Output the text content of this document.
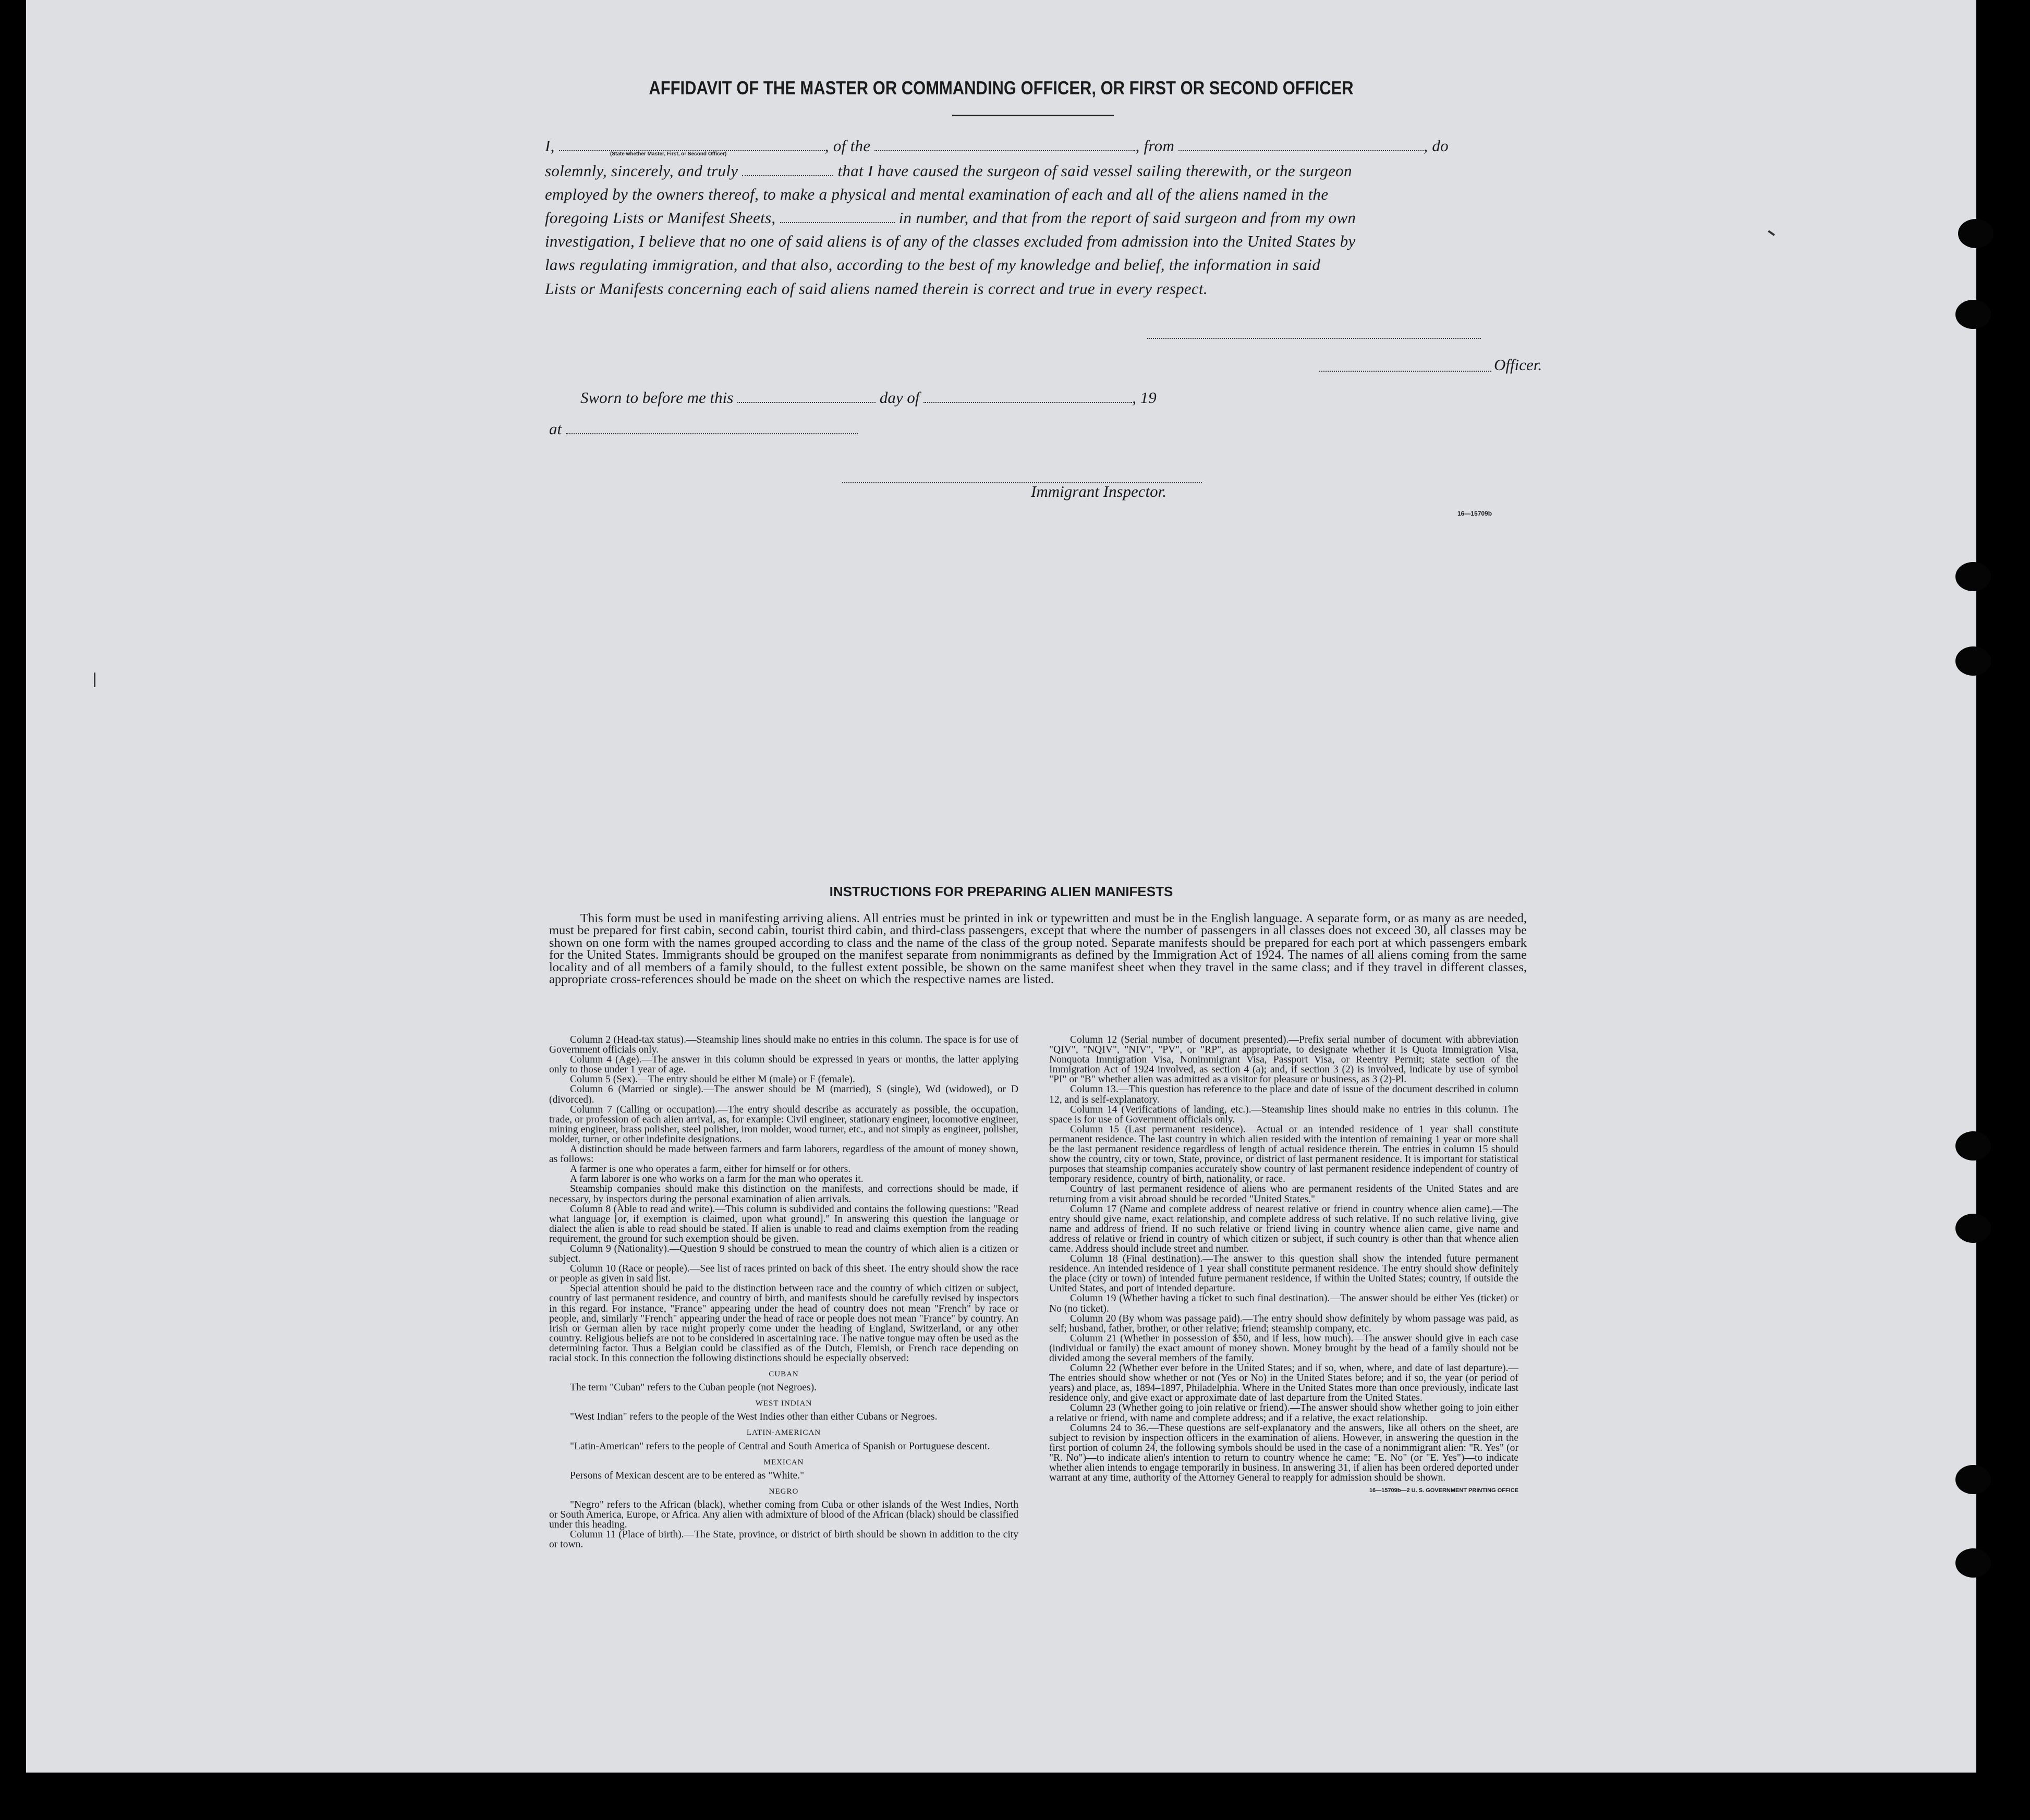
AFFIDAVIT OF THE MASTER OR COMMANDING OFFICER, OR FIRST OR SECOND OFFICER
I,	, of the	, from	, do
(State whether Master, First, or Second Officer)
solemnly, sincerely, and truly	that I have caused the surgeon of said vessel sailing therewith, or the surgeon
employed by the owners thereof, to make a physical and mental examination of each and all of the aliens named in the
foregoing Lists or Manifest Sheets,	in number, and that from the report of said surgeon and from my own
investigation, I believe that no one of said aliens is of any of the classes excluded from admission into the United States by
laws regulating immigration, and that also, according to the best of my knowledge and belief, the information in said
Lists or Manifests concerning each of said aliens named therein is correct and true in every respect.
Officer.
Sworn to before me this	day of	, 19
at
Immigrant Inspector.
16—15709b
INSTRUCTIONS FOR PREPARING ALIEN MANIFESTS

This form must be used in manifesting arriving aliens. All entries must be printed in ink or typewritten and must be in the English language. A separate form, or as many as are needed, must be prepared for first cabin, second cabin, tourist third cabin, and third-class passengers, except that where the number of passengers in all classes does not exceed 30, all classes may be shown on one form with the names grouped according to class and the name of the class of the group noted. Separate manifests should be prepared for each port at which passengers embark for the United States. Immigrants should be grouped on the manifest separate from nonimmigrants as defined by the Immigration Act of 1924. The names of all aliens coming from the same locality and of all members of a family should, to the fullest extent possible, be shown on the same manifest sheet when they travel in the same class; and if they travel in different classes, appropriate cross-references should be made on the sheet on which the respective names are listed.

Column 2 (Head-tax status).—Steamship lines should make no entries in this column. The space is for use of Government officials only.

Column 4 (Age).—The answer in this column should be expressed in years or months, the latter applying only to those under 1 year of age.

Column 5 (Sex).—The entry should be either M (male) or F (female).

Column 6 (Married or single).—The answer should be M (married), S (single), Wd (widowed), or D (divorced).

Column 7 (Calling or occupation).—The entry should describe as accurately as possible, the occupation, trade, or profession of each alien arrival, as, for example: Civil engineer, stationary engineer, locomotive engineer, mining engineer, brass polisher, steel polisher, iron molder, wood turner, etc., and not simply as engineer, polisher, molder, turner, or other indefinite designations.

A distinction should be made between farmers and farm laborers, regardless of the amount of money shown, as follows:

A farmer is one who operates a farm, either for himself or for others.

A farm laborer is one who works on a farm for the man who operates it.

Steamship companies should make this distinction on the manifests, and corrections should be made, if necessary, by inspectors during the personal examination of alien arrivals.

Column 8 (Able to read and write).—This column is subdivided and contains the following questions: "Read what language [or, if exemption is claimed, upon what ground]." In answering this question the language or dialect the alien is able to read should be stated. If alien is unable to read and claims exemption from the reading requirement, the ground for such exemption should be given.

Column 9 (Nationality).—Question 9 should be construed to mean the country of which alien is a citizen or subject.

Column 10 (Race or people).—See list of races printed on back of this sheet. The entry should show the race or people as given in said list.

Special attention should be paid to the distinction between race and the country of which citizen or subject, country of last permanent residence, and country of birth, and manifests should be carefully revised by inspectors in this regard. For instance, "France" appearing under the head of country does not mean "French" by race or people, and, similarly "French" appearing under the head of race or people does not mean "France" by country. An Irish or German alien by race might properly come under the heading of England, Switzerland, or any other country. Religious beliefs are not to be considered in ascertaining race. The native tongue may often be used as the determining factor. Thus a Belgian could be classified as of the Dutch, Flemish, or French race depending on racial stock. In this connection the following distinctions should be especially observed:

CUBAN

The term "Cuban" refers to the Cuban people (not Negroes).

WEST INDIAN

"West Indian" refers to the people of the West Indies other than either Cubans or Negroes.

LATIN-AMERICAN

"Latin-American" refers to the people of Central and South America of Spanish or Portuguese descent.

MEXICAN

Persons of Mexican descent are to be entered as "White."

NEGRO

"Negro" refers to the African (black), whether coming from Cuba or other islands of the West Indies, North or South America, Europe, or Africa. Any alien with admixture of blood of the African (black) should be classified under this heading.

Column 11 (Place of birth).—The State, province, or district of birth should be shown in addition to the city or town.

Column 12 (Serial number of document presented).—Prefix serial number of document with abbreviation "QIV", "NQIV", "NIV", "PV", or "RP", as appropriate, to designate whether it is Quota Immigration Visa, Nonquota Immigration Visa, Nonimmigrant Visa, Passport Visa, or Reentry Permit; state section of the Immigration Act of 1924 involved, as section 4 (a); and, if section 3 (2) is involved, indicate by use of symbol "PI" or "B" whether alien was admitted as a visitor for pleasure or business, as 3 (2)-Pl.

Column 13.—This question has reference to the place and date of issue of the document described in column 12, and is self-explanatory.

Column 14 (Verifications of landing, etc.).—Steamship lines should make no entries in this column. The space is for use of Government officials only.

Column 15 (Last permanent residence).—Actual or an intended residence of 1 year shall constitute permanent residence. The last country in which alien resided with the intention of remaining 1 year or more shall be the last permanent residence regardless of length of actual residence therein. The entries in column 15 should show the country, city or town, State, province, or district of last permanent residence. It is important for statistical purposes that steamship companies accurately show country of last permanent residence independent of country of temporary residence, country of birth, nationality, or race.

Country of last permanent residence of aliens who are permanent residents of the United States and are returning from a visit abroad should be recorded "United States."

Column 17 (Name and complete address of nearest relative or friend in country whence alien came).—The entry should give name, exact relationship, and complete address of such relative. If no such relative living, give name and address of friend. If no such relative or friend living in country whence alien came, give name and address of relative or friend in country of which citizen or subject, if such country is other than that whence alien came. Address should include street and number.

Column 18 (Final destination).—The answer to this question shall show the intended future permanent residence. An intended residence of 1 year shall constitute permanent residence. The entry should show definitely the place (city or town) of intended future permanent residence, if within the United States; country, if outside the United States, and port of intended departure.

Column 19 (Whether having a ticket to such final destination).—The answer should be either Yes (ticket) or No (no ticket).

Column 20 (By whom was passage paid).—The entry should show definitely by whom passage was paid, as self; husband, father, brother, or other relative; friend; steamship company, etc.

Column 21 (Whether in possession of $50, and if less, how much).—The answer should give in each case (individual or family) the exact amount of money shown. Money brought by the head of a family should not be divided among the several members of the family.

Column 22 (Whether ever before in the United States; and if so, when, where, and date of last departure).—The entries should show whether or not (Yes or No) in the United States before; and if so, the year (or period of years) and place, as, 1894–1897, Philadelphia. Where in the United States more than once previously, indicate last residence only, and give exact or approximate date of last departure from the United States.

Column 23 (Whether going to join relative or friend).—The answer should show whether going to join either a relative or friend, with name and complete address; and if a relative, the exact relationship.

Columns 24 to 36.—These questions are self-explanatory and the answers, like all others on the sheet, are subject to revision by inspection officers in the examination of aliens. However, in answering the question in the first portion of column 24, the following symbols should be used in the case of a nonimmigrant alien: "R. Yes" (or "R. No")—to indicate alien's intention to return to country whence he came; "E. No" (or "E. Yes")—to indicate whether alien intends to engage temporarily in business. In answering 31, if alien has been ordered deported under warrant at any time, authority of the Attorney General to reapply for admission should be shown.

16—15709b—2 U. S. GOVERNMENT PRINTING OFFICE
